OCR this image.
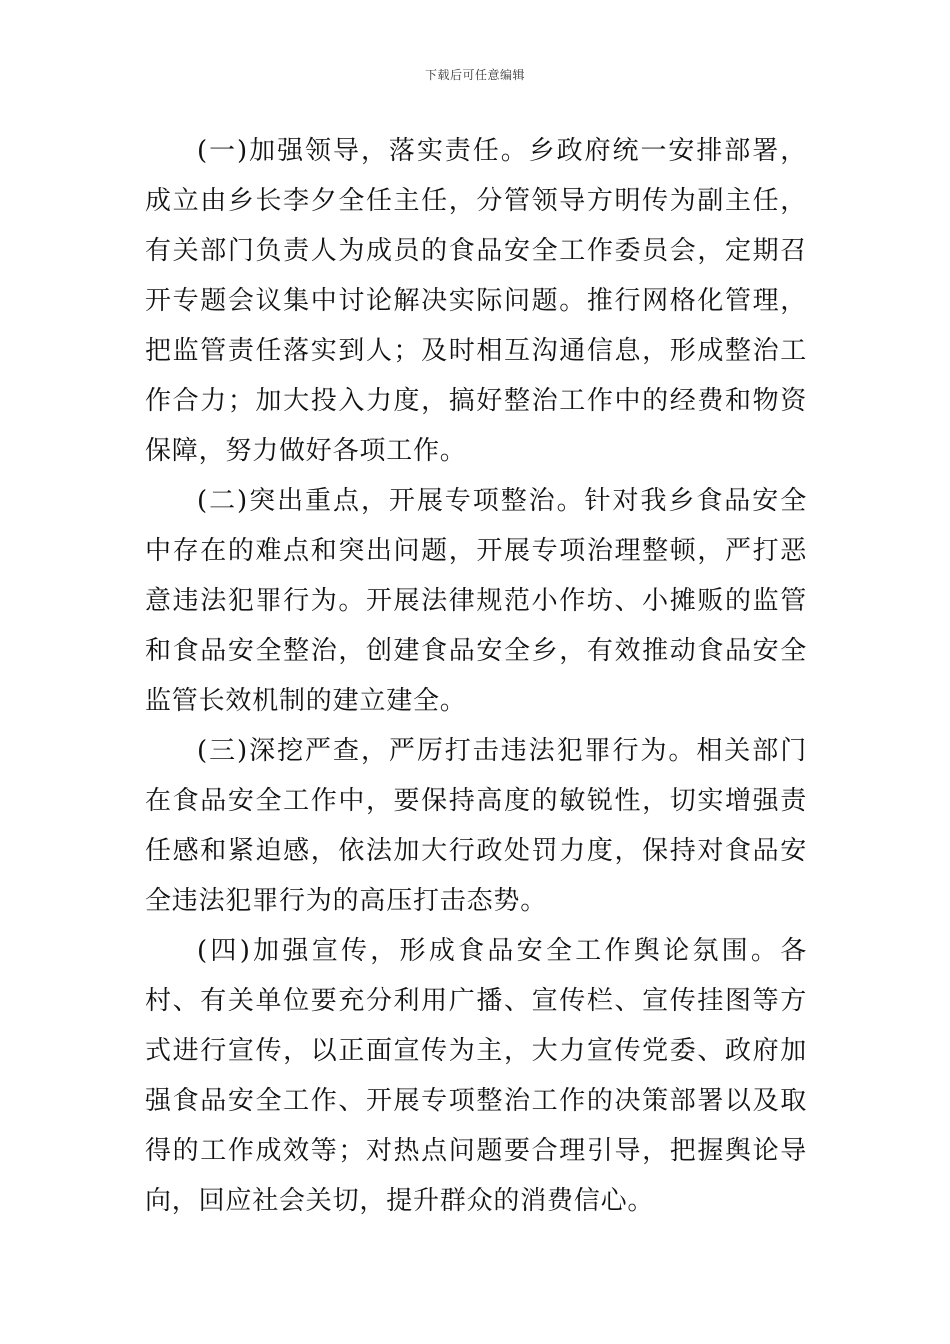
下载后可任意编辑

(一)加强领导，落实责任。乡政府统一安排部署，成立由乡长李夕全任主任，分管领导方明传为副主任，有关部门负责人为成员的食品安全工作委员会，定期召开专题会议集中讨论解决实际问题。推行网格化管理，把监管责任落实到人；及时相互沟通信息，形成整治工作合力；加大投入力度，搞好整治工作中的经费和物资保障，努力做好各项工作。

(二)突出重点，开展专项整治。针对我乡食品安全中存在的难点和突出问题，开展专项治理整顿，严打恶意违法犯罪行为。开展法律规范小作坊、小摊贩的监管和食品安全整治，创建食品安全乡，有效推动食品安全监管长效机制的建立建全。

(三)深挖严查，严厉打击违法犯罪行为。相关部门在食品安全工作中，要保持高度的敏锐性，切实增强责任感和紧迫感，依法加大行政处罚力度，保持对食品安全违法犯罪行为的高压打击态势。

(四)加强宣传，形成食品安全工作舆论氛围。各村、有关单位要充分利用广播、宣传栏、宣传挂图等方式进行宣传，以正面宣传为主，大力宣传党委、政府加强食品安全工作、开展专项整治工作的决策部署以及取得的工作成效等；对热点问题要合理引导，把握舆论导向，回应社会关切，提升群众的消费信心。
